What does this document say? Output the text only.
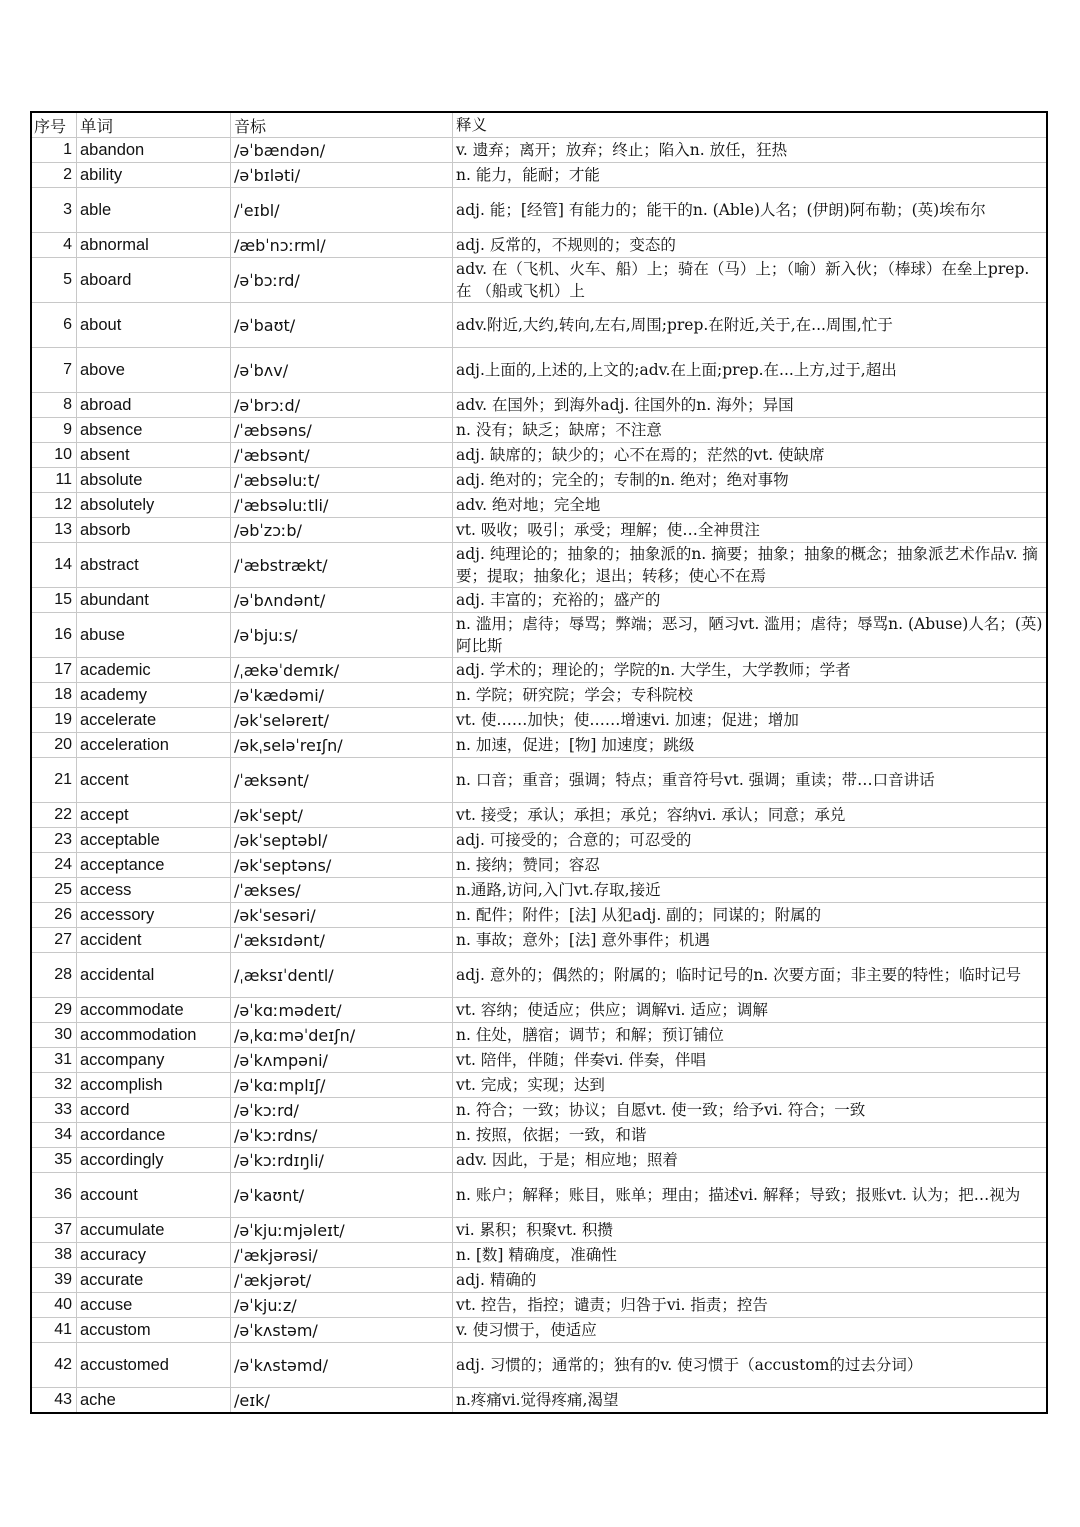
序号	单词	音标	释义
1	abandon	/əˈbændən/	v. 遗弃；离开；放弃；终止；陷入n. 放任，狂热
2	ability	/əˈbɪləti/	n. 能力，能耐；才能
3	able	/ˈeɪbl/	adj. 能；[经管] 有能力的；能干的n. (Able)人名；(伊朗)阿布勒；(英)埃布尔
4	abnormal	/æbˈnɔːrml/	adj. 反常的，不规则的；变态的
5	aboard	/əˈbɔːrd/	adv. 在（飞机、火车、船）上；骑在（马）上；（喻）新入伙；（棒球）在垒上prep. 在 （船或飞机）上
6	about	/əˈbaʊt/	adv.附近,大约,转向,左右,周围;prep.在附近,关于,在...周围,忙于
7	above	/əˈbʌv/	adj.上面的,上述的,上文的;adv.在上面;prep.在...上方,过于,超出
8	abroad	/əˈbrɔːd/	adv. 在国外；到海外adj. 往国外的n. 海外；异国
9	absence	/ˈæbsəns/	n. 没有；缺乏；缺席；不注意
10	absent	/ˈæbsənt/	adj. 缺席的；缺少的；心不在焉的；茫然的vt. 使缺席
11	absolute	/ˈæbsəluːt/	adj. 绝对的；完全的；专制的n. 绝对；绝对事物
12	absolutely	/ˈæbsəluːtli/	adv. 绝对地；完全地
13	absorb	/əbˈzɔːb/	vt. 吸收；吸引；承受；理解；使…全神贯注
14	abstract	/ˈæbstrækt/	adj. 纯理论的；抽象的；抽象派的n. 摘要；抽象；抽象的概念；抽象派艺术作品v. 摘要；提取；抽象化；退出；转移；使心不在焉
15	abundant	/əˈbʌndənt/	adj. 丰富的；充裕的；盛产的
16	abuse	/əˈbjuːs/	n. 滥用；虐待；辱骂；弊端；恶习，陋习vt. 滥用；虐待；辱骂n. (Abuse)人名；(英)阿比斯
17	academic	/ˌækəˈdemɪk/	adj. 学术的；理论的；学院的n. 大学生，大学教师；学者
18	academy	/əˈkædəmi/	n. 学院；研究院；学会；专科院校
19	accelerate	/əkˈseləreɪt/	vt. 使……加快；使……增速vi. 加速；促进；增加
20	acceleration	/əkˌseləˈreɪʃn/	n. 加速，促进；[物] 加速度；跳级
21	accent	/ˈæksənt/	n. 口音；重音；强调；特点；重音符号vt. 强调；重读；带…口音讲话
22	accept	/əkˈsept/	vt. 接受；承认；承担；承兑；容纳vi. 承认；同意；承兑
23	acceptable	/əkˈseptəbl/	adj. 可接受的；合意的；可忍受的
24	acceptance	/əkˈseptəns/	n. 接纳；赞同；容忍
25	access	/ˈækses/	n.通路,访问,入门vt.存取,接近
26	accessory	/əkˈsesəri/	n. 配件；附件；[法] 从犯adj. 副的；同谋的；附属的
27	accident	/ˈæksɪdənt/	n. 事故；意外；[法] 意外事件；机遇
28	accidental	/ˌæksɪˈdentl/	adj. 意外的；偶然的；附属的；临时记号的n. 次要方面；非主要的特性；临时记号
29	accommodate	/əˈkɑːmədeɪt/	vt. 容纳；使适应；供应；调解vi. 适应；调解
30	accommodation	/əˌkɑːməˈdeɪʃn/	n. 住处，膳宿；调节；和解；预订铺位
31	accompany	/əˈkʌmpəni/	vt. 陪伴，伴随；伴奏vi. 伴奏，伴唱
32	accomplish	/əˈkɑːmplɪʃ/	vt. 完成；实现；达到
33	accord	/əˈkɔːrd/	n. 符合；一致；协议；自愿vt. 使一致；给予vi. 符合；一致
34	accordance	/əˈkɔːrdns/	n. 按照，依据；一致，和谐
35	accordingly	/əˈkɔːrdɪŋli/	adv. 因此，于是；相应地；照着
36	account	/əˈkaʊnt/	n. 账户；解释；账目，账单；理由；描述vi. 解释；导致；报账vt. 认为；把…视为
37	accumulate	/əˈkjuːmjəleɪt/	vi. 累积；积聚vt. 积攒
38	accuracy	/ˈækjərəsi/	n. [数] 精确度，准确性
39	accurate	/ˈækjərət/	adj. 精确的
40	accuse	/əˈkjuːz/	vt. 控告，指控；谴责；归咎于vi. 指责；控告
41	accustom	/əˈkʌstəm/	v. 使习惯于，使适应
42	accustomed	/əˈkʌstəmd/	adj. 习惯的；通常的；独有的v. 使习惯于（accustom的过去分词）
43	ache	/eɪk/	n.疼痛vi.觉得疼痛,渴望
